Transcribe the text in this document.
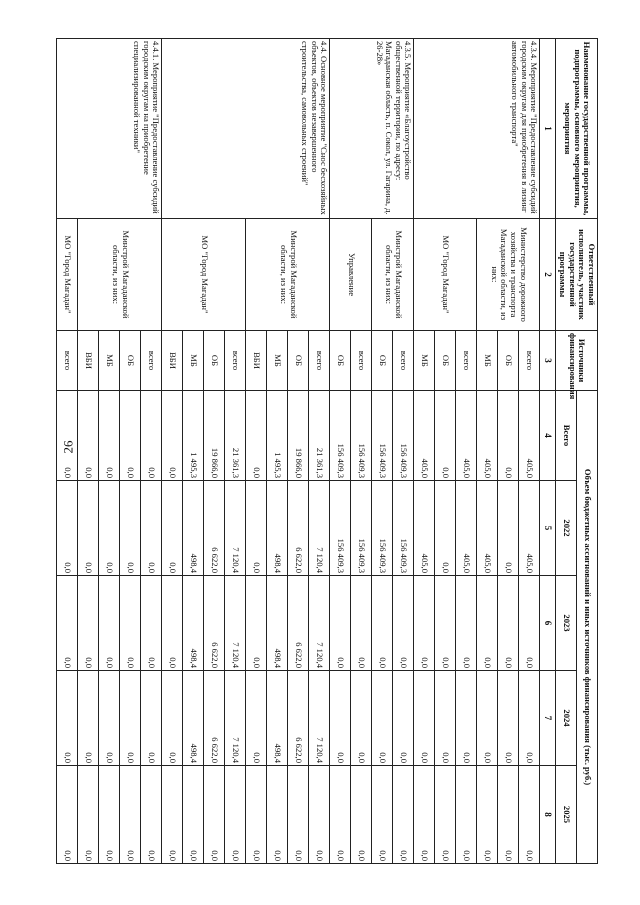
26
Наименование государственной программы, подпрограммы, основного мероприятия, мероприятия	Ответственный исполнитель, участник государственной программы	Источники финансирования	Объем бюджетных ассигнований и иных источников финансирования (тыс. руб.)				
			Всего	2022	2023	2024	2025
1	2	3	4	5	6	7	8
4.3.4. Мероприятие "Предоставление субсидий городским округам для приобретения в лизинг автомобильного транспорта"	Министерство дорожного хозяйства и транспорта Магаданской области, из них:	всего	405,0	405,0	0,0	0,0	0,0
		ОБ	0,0	0,0	0,0	0,0	0,0
		МБ	405,0	405,0	0,0	0,0	0,0
	МО "Город Магадан"	всего	405,0	405,0	0,0	0,0	0,0
		ОБ	0,0	0,0	0,0	0,0	0,0
		МБ	405,0	405,0	0,0	0,0	0,0
4.3.5. Мероприятие «Благоустройство общественной территории, по адресу: Магаданская область, п. Сокол, ул. Гагарина, д. 26-28»	Минстрой Магаданской области, из них:	всего	156 409,3	156 409,3	0,0	0,0	0,0
		ОБ	156 409,3	156 409,3	0,0	0,0	0,0
	Управление	всего	156 409,3	156 409,3	0,0	0,0	0,0
		ОБ	156 409,3	156 409,3	0,0	0,0	0,0
4.4. Основное мероприятие "Снос бесхозяйных объектов, объектов незавершенного строительства, самовольных строений"	Минстрой Магаданской области, из них:	всего	21 361,3	7 120,4	7 120,4	7 120,4	0,0
		ОБ	19 866,0	6 622,0	6 622,0	6 622,0	0,0
		МБ	1 495,3	498,4	498,4	498,4	0,0
		ВБИ	0,0	0,0	0,0	0,0	0,0
	МО "Город Магадан"	всего	21 361,3	7 120,4	7 120,4	7 120,4	0,0
		ОБ	19 866,0	6 622,0	6 622,0	6 622,0	0,0
		МБ	1 495,3	498,4	498,4	498,4	0,0
		ВБИ	0,0	0,0	0,0	0,0	0,0
4.4.1. Мероприятие "Предоставление субсидий городским округам на приобретение специализированной техники"	Минстрой Магаданской области, из них:	всего	0,0	0,0	0,0	0,0	0,0
		ОБ	0,0	0,0	0,0	0,0	0,0
		МБ	0,0	0,0	0,0	0,0	0,0
		ВБИ	0,0	0,0	0,0	0,0	0,0
	МО "Город Магадан"	всего	0,0	0,0	0,0	0,0	0,0
